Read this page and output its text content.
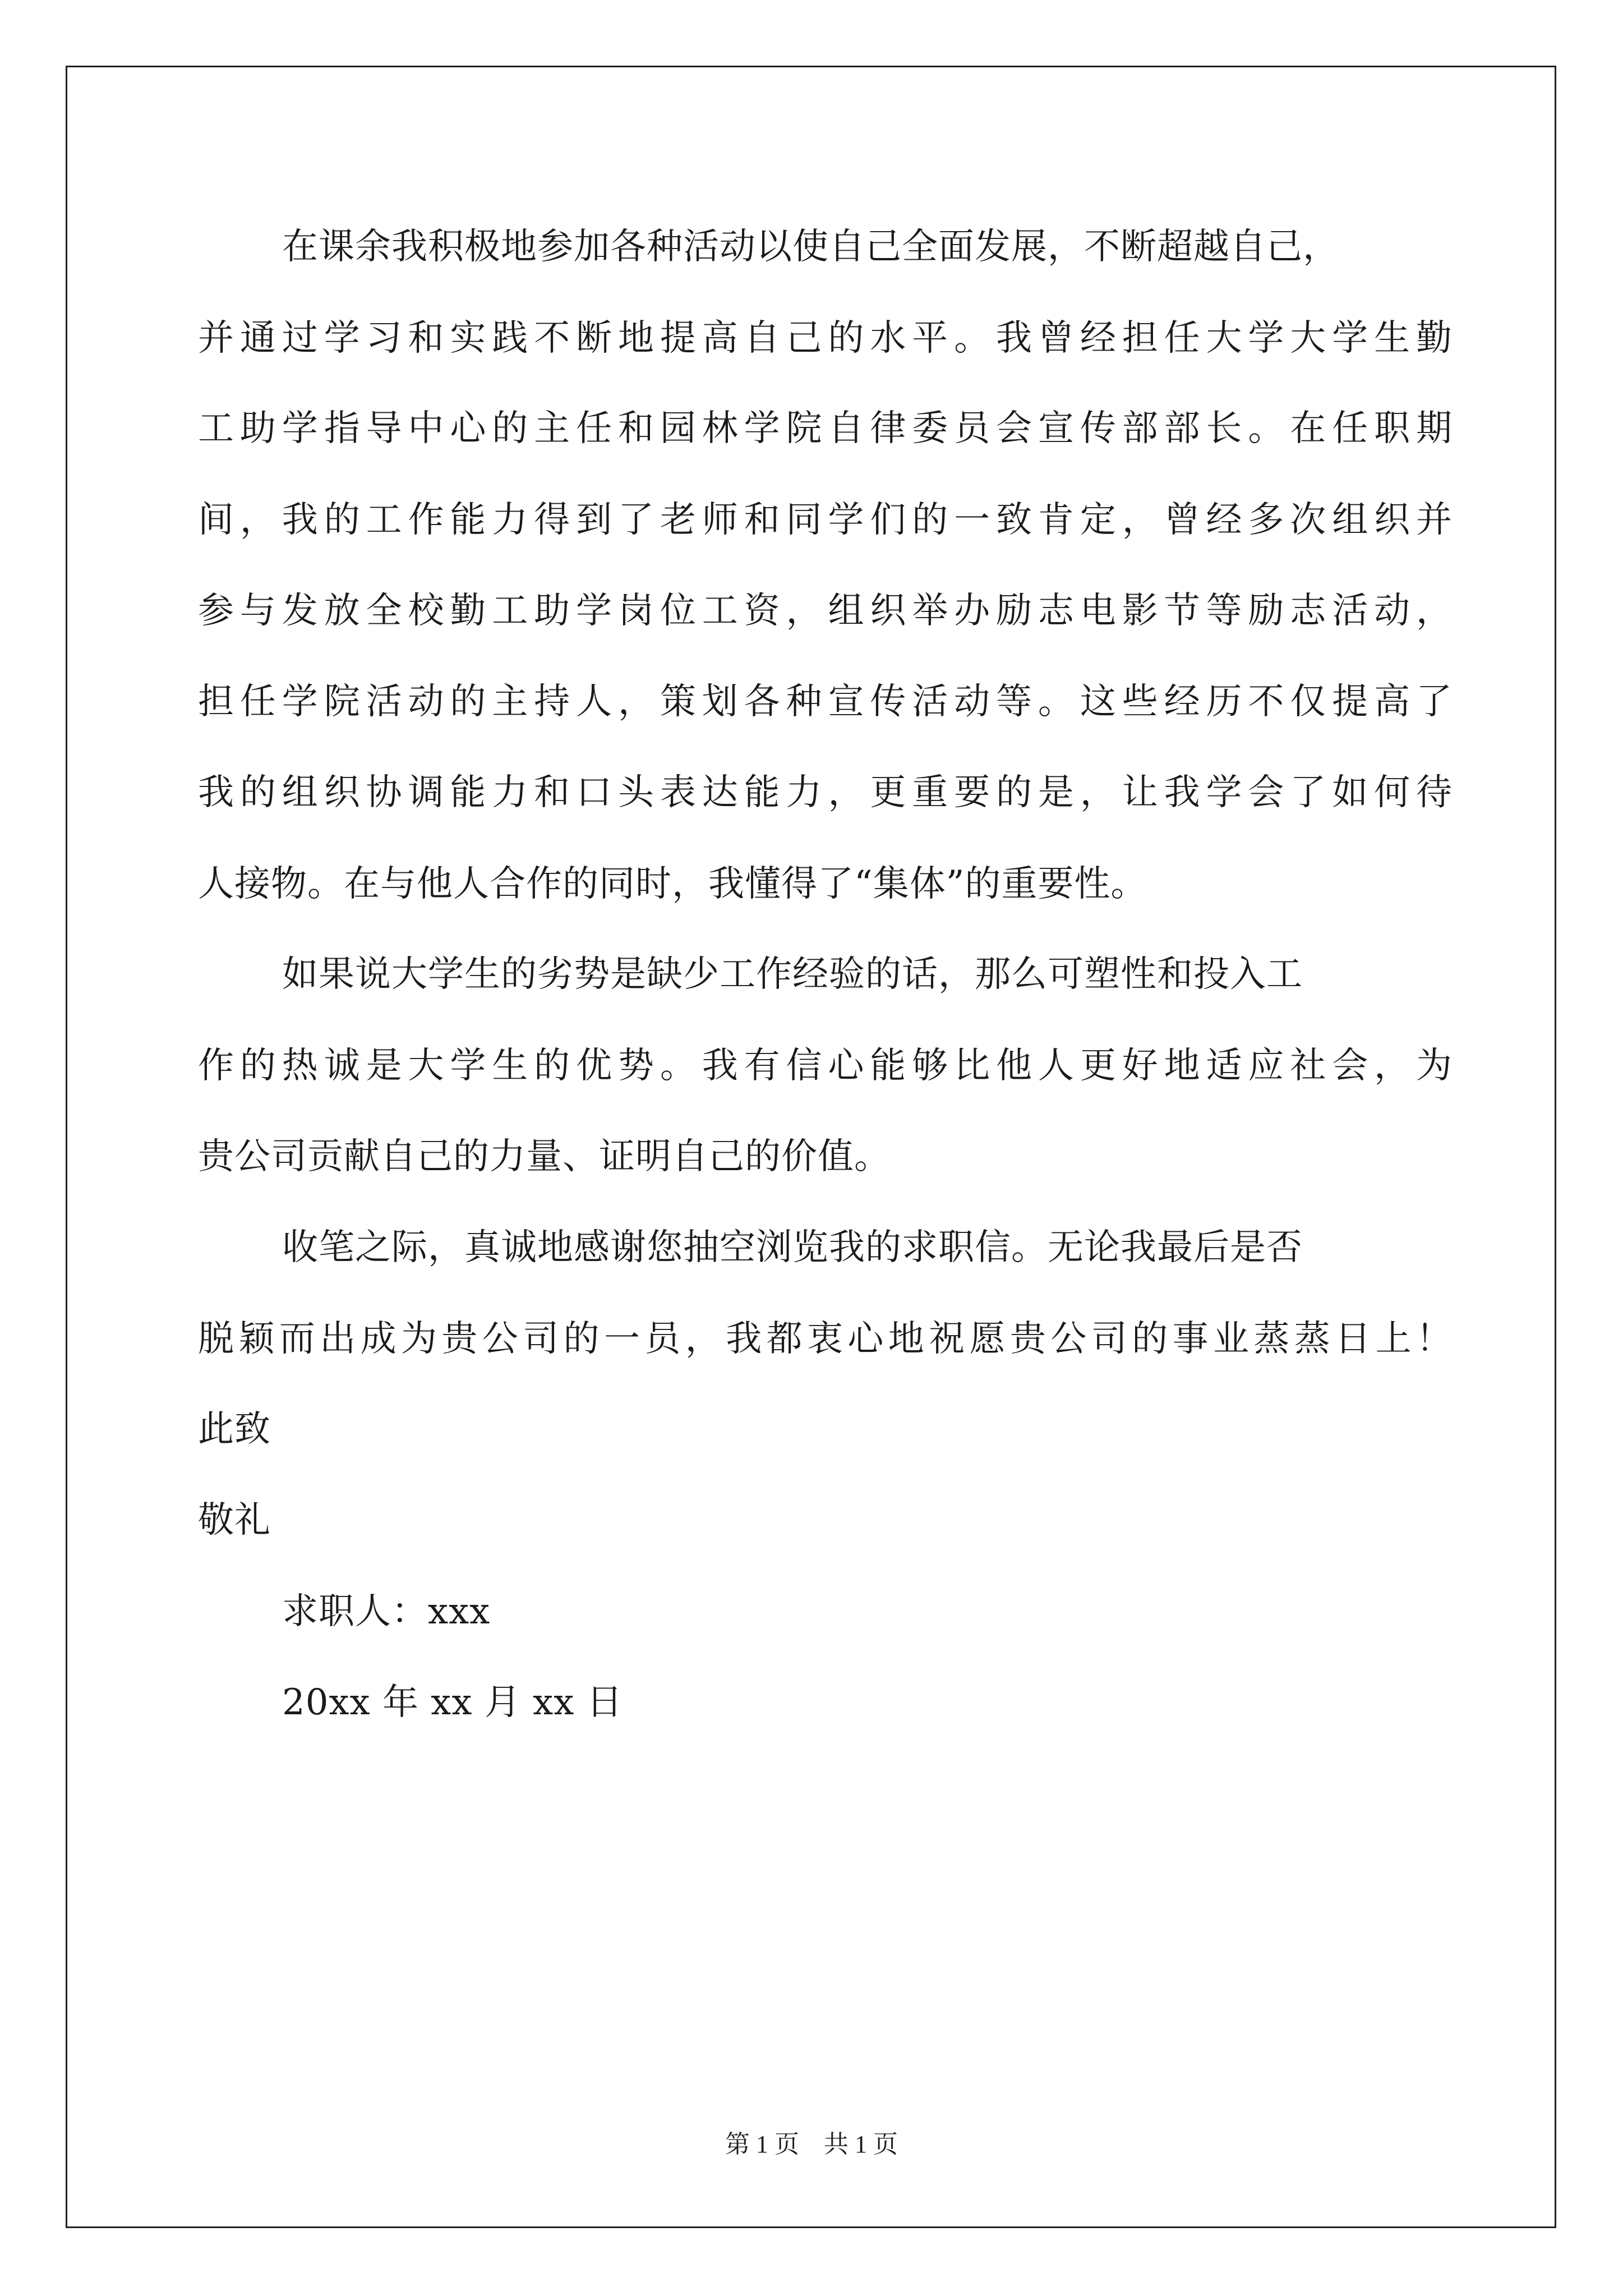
在课余我积极地参加各种活动以使自己全面发展，不断超越自己，
并通过学习和实践不断地提高自己的水平。我曾经担任大学大学生勤
工助学指导中心的主任和园林学院自律委员会宣传部部长。在任职期
间，我的工作能力得到了老师和同学们的一致肯定，曾经多次组织并
参与发放全校勤工助学岗位工资，组织举办励志电影节等励志活动，
担任学院活动的主持人，策划各种宣传活动等。这些经历不仅提高了
我的组织协调能力和口头表达能力，更重要的是，让我学会了如何待
人接物。在与他人合作的同时，我懂得了“集体”的重要性。
如果说大学生的劣势是缺少工作经验的话，那么可塑性和投入工
作的热诚是大学生的优势。我有信心能够比他人更好地适应社会，为
贵公司贡献自己的力量、证明自己的价值。
收笔之际，真诚地感谢您抽空浏览我的求职信。无论我最后是否
脱颖而出成为贵公司的一员，我都衷心地祝愿贵公司的事业蒸蒸日上！
此致
敬礼
求职人：xxx
20xx 年 xx 月 xx 日
第 1 页　共 1 页
